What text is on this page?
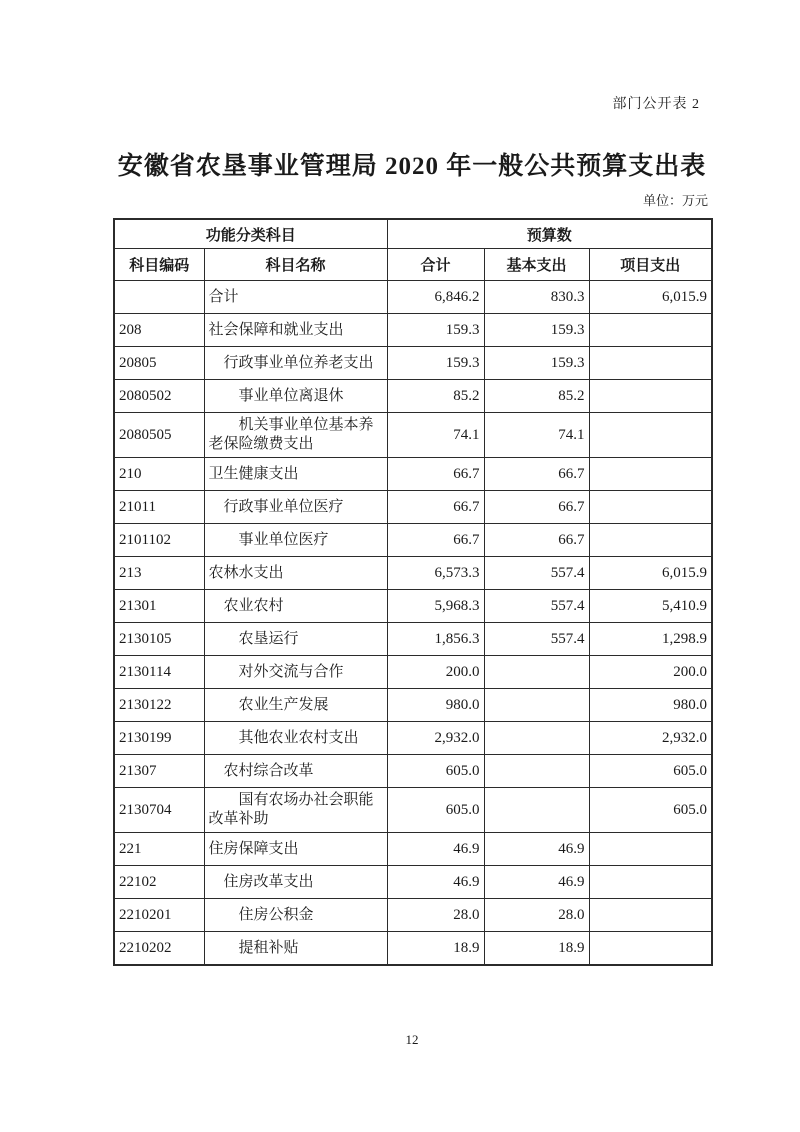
部门公开表 2
安徽省农垦事业管理局 2020 年一般公共预算支出表
单位：万元
功能分类科目		预算数		
科目编码	科目名称	合计	基本支出	项目支出
	合计	6,846.2	830.3	6,015.9
208	社会保障和就业支出	159.3	159.3	
20805	行政事业单位养老支出	159.3	159.3	
2080502	事业单位离退休	85.2	85.2	
2080505	机关事业单位基本养老保险缴费支出	74.1	74.1	
210	卫生健康支出	66.7	66.7	
21011	行政事业单位医疗	66.7	66.7	
2101102	事业单位医疗	66.7	66.7	
213	农林水支出	6,573.3	557.4	6,015.9
21301	农业农村	5,968.3	557.4	5,410.9
2130105	农垦运行	1,856.3	557.4	1,298.9
2130114	对外交流与合作	200.0		200.0
2130122	农业生产发展	980.0		980.0
2130199	其他农业农村支出	2,932.0		2,932.0
21307	农村综合改革	605.0		605.0
2130704	国有农场办社会职能改革补助	605.0		605.0
221	住房保障支出	46.9	46.9	
22102	住房改革支出	46.9	46.9	
2210201	住房公积金	28.0	28.0	
2210202	提租补贴	18.9	18.9	
12
